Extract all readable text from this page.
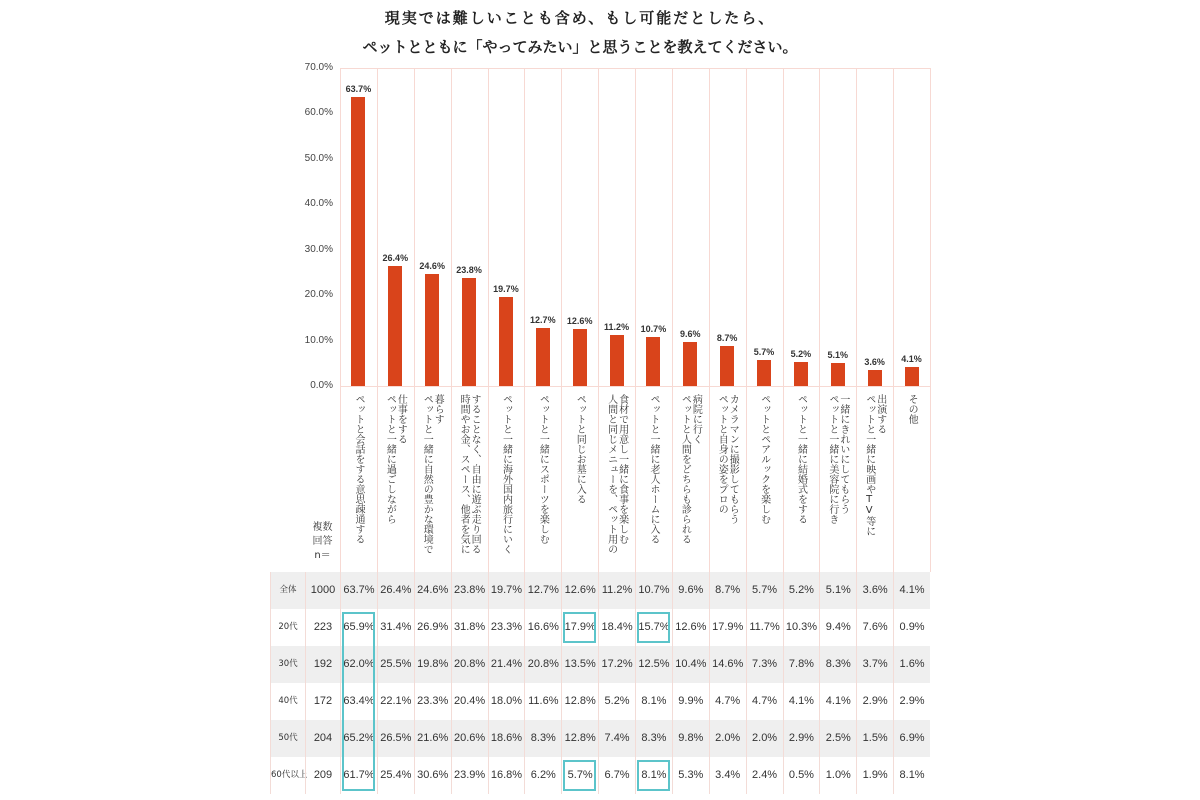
現実では難しいことも含め、もし可能だとしたら、
ペットとともに「やってみたい」と思うことを教えてください。
複数
回答
n＝
0.0%
10.0%
20.0%
30.0%
40.0%
50.0%
60.0%
70.0%
63.7%
ペットと会話をする意思疎通する
26.4%
ペットと一緒に過ごしながら 仕事をする
24.6%
ペットと一緒に自然の豊かな環境で 暮らす
23.8%
時間やお金、スペース、他者を気に することなく、自由に遊ぶ走り回る
19.7%
ペットと一緒に海外国内旅行にいく
12.7%
ペットと一緒にスポーツを楽しむ
12.6%
ペットと同じお墓に入る
11.2%
人間と同じメニューを、ペット用の 食材で用意し一緒に食事を楽しむ
10.7%
ペットと一緒に老人ホームに入る
9.6%
ペットと人間をどちらも診られる 病院に行く
8.7%
ペットと自身の姿をプロの カメラマンに撮影してもらう
5.7%
ペットとペアルックを楽しむ
5.2%
ペットと一緒に結婚式をする
5.1%
ペットと一緒に美容院に行き 一緒にきれいにしてもらう
3.6%
ペットと一緒に映画やTV等に 出演する
4.1%
その他
全体	1000 63.7% 26.4% 24.6% 23.8% 19.7% 12.7% 12.6% 11.2% 10.7% 9.6%	8.7%	5.7%	5.2%	5.1%	3.6%	4.1%
20代	223	65.9% 31.4% 26.9% 31.8% 23.3% 16.6% 17.9% 18.4% 15.7% 12.6% 17.9% 11.7% 10.3% 9.4%	7.6%	0.9%
30代	192	62.0% 25.5% 19.8% 20.8% 21.4% 20.8% 13.5% 17.2% 12.5% 10.4% 14.6% 7.3%	7.8%	8.3%	3.7%	1.6%
40代	172	63.4% 22.1% 23.3% 20.4% 18.0% 11.6% 12.8% 5.2%	8.1%	9.9%	4.7%	4.7%	4.1%	4.1%	2.9%	2.9%
50代	204	65.2% 26.5% 21.6% 20.6% 18.6% 8.3% 12.8% 7.4%	8.3%	9.8%	2.0%	2.0%	2.9%	2.5%	1.5%	6.9%
60代以上 209	61.7% 25.4% 30.6% 23.9% 16.8% 6.2%	5.7%	6.7%	8.1%	5.3%	3.4%	2.4%	0.5%	1.0%	1.9%	8.1%
